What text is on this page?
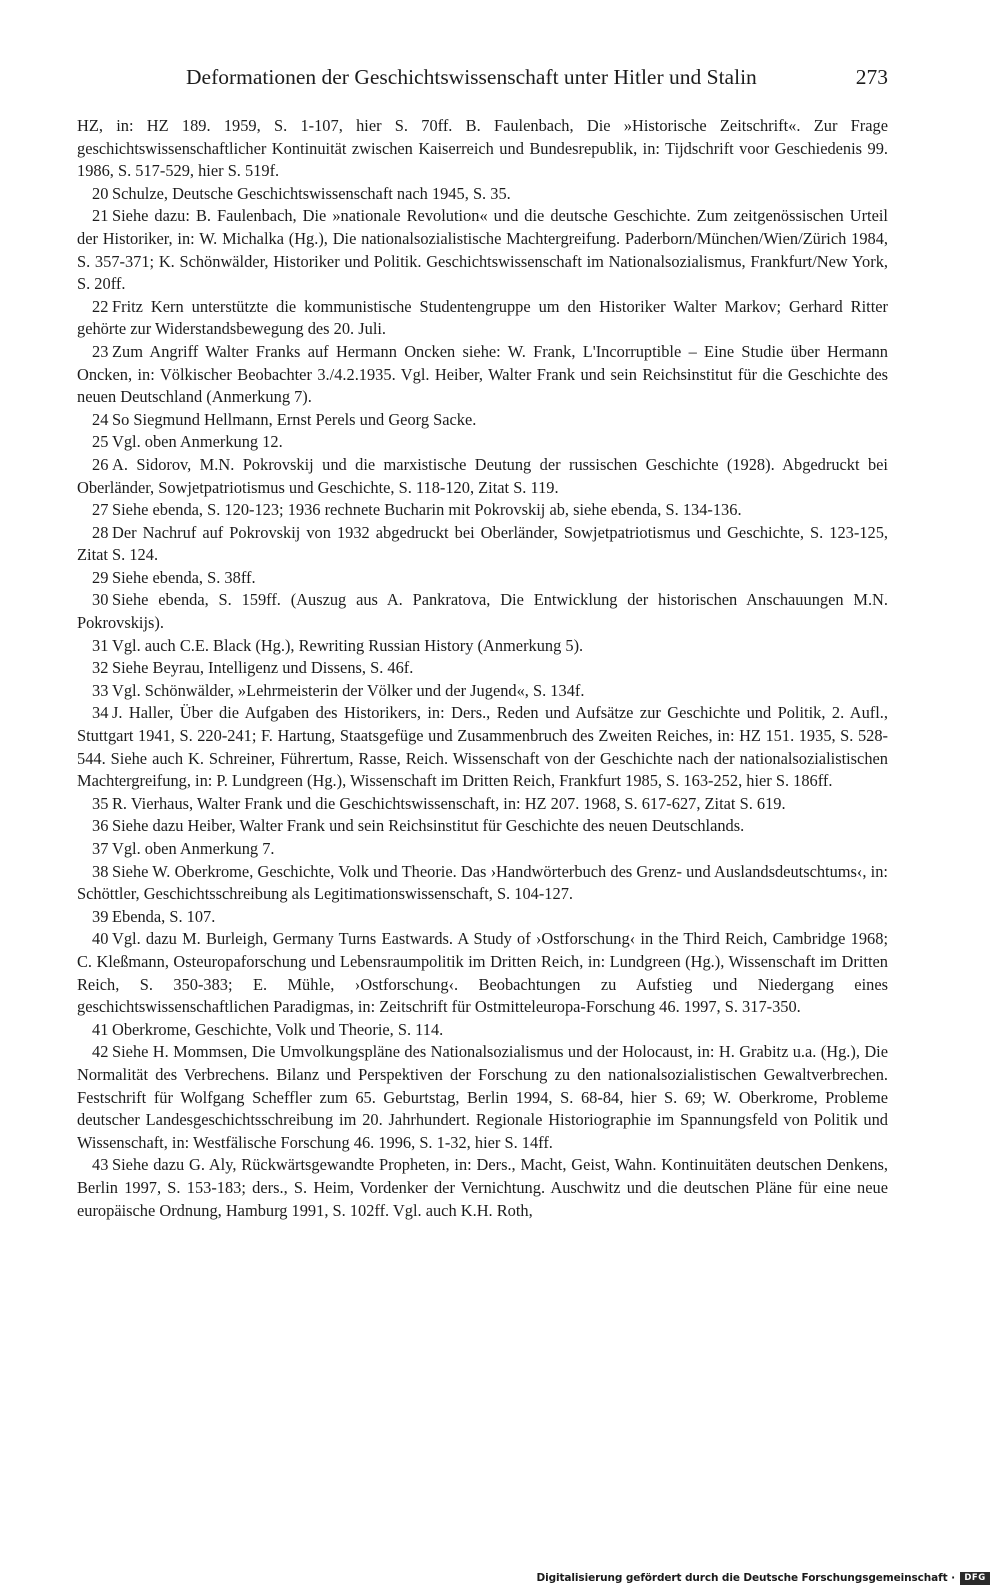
Deformationen der Geschichtswissenschaft unter Hitler und Stalin	273

HZ, in: HZ 189. 1959, S. 1-107, hier S. 70ff. B. Faulenbach, Die »Historische Zeitschrift«. Zur Frage geschichtswissenschaftlicher Kontinuität zwischen Kaiserreich und Bundesrepublik, in: Tijdschrift voor Geschiedenis 99. 1986, S. 517-529, hier S. 519f.

20 Schulze, Deutsche Geschichtswissenschaft nach 1945, S. 35.

21 Siehe dazu: B. Faulenbach, Die »nationale Revolution« und die deutsche Geschichte. Zum zeitgenössischen Urteil der Historiker, in: W. Michalka (Hg.), Die nationalsozialistische Machtergreifung. Paderborn/München/Wien/Zürich 1984, S. 357-371; K. Schönwälder, Historiker und Politik. Geschichtswissenschaft im Nationalsozialismus, Frankfurt/New York, S. 20ff.

22 Fritz Kern unterstützte die kommunistische Studentengruppe um den Historiker Walter Markov; Gerhard Ritter gehörte zur Widerstandsbewegung des 20. Juli.

23 Zum Angriff Walter Franks auf Hermann Oncken siehe: W. Frank, L'Incorruptible – Eine Studie über Hermann Oncken, in: Völkischer Beobachter 3./4.2.1935. Vgl. Heiber, Walter Frank und sein Reichsinstitut für die Geschichte des neuen Deutschland (Anmerkung 7).

24 So Siegmund Hellmann, Ernst Perels und Georg Sacke.

25 Vgl. oben Anmerkung 12.

26 A. Sidorov, M.N. Pokrovskij und die marxistische Deutung der russischen Geschichte (1928). Abgedruckt bei Oberländer, Sowjetpatriotismus und Geschichte, S. 118-120, Zitat S. 119.

27 Siehe ebenda, S. 120-123; 1936 rechnete Bucharin mit Pokrovskij ab, siehe ebenda, S. 134-136.

28 Der Nachruf auf Pokrovskij von 1932 abgedruckt bei Oberländer, Sowjetpatriotismus und Geschichte, S. 123-125, Zitat S. 124.

29 Siehe ebenda, S. 38ff.

30 Siehe ebenda, S. 159ff. (Auszug aus A. Pankratova, Die Entwicklung der historischen Anschauungen M.N. Pokrovskijs).

31 Vgl. auch C.E. Black (Hg.), Rewriting Russian History (Anmerkung 5).

32 Siehe Beyrau, Intelligenz und Dissens, S. 46f.

33 Vgl. Schönwälder, »Lehrmeisterin der Völker und der Jugend«, S. 134f.

34 J. Haller, Über die Aufgaben des Historikers, in: Ders., Reden und Aufsätze zur Geschichte und Politik, 2. Aufl., Stuttgart 1941, S. 220-241; F. Hartung, Staatsgefüge und Zusammenbruch des Zweiten Reiches, in: HZ 151. 1935, S. 528-544. Siehe auch K. Schreiner, Führertum, Rasse, Reich. Wissenschaft von der Geschichte nach der nationalsozialistischen Machtergreifung, in: P. Lundgreen (Hg.), Wissenschaft im Dritten Reich, Frankfurt 1985, S. 163-252, hier S. 186ff.

35 R. Vierhaus, Walter Frank und die Geschichtswissenschaft, in: HZ 207. 1968, S. 617-627, Zitat S. 619.

36 Siehe dazu Heiber, Walter Frank und sein Reichsinstitut für Geschichte des neuen Deutschlands.

37 Vgl. oben Anmerkung 7.

38 Siehe W. Oberkrome, Geschichte, Volk und Theorie. Das ›Handwörterbuch des Grenz- und Auslandsdeutschtums‹, in: Schöttler, Geschichtsschreibung als Legitimationswissenschaft, S. 104-127.

39 Ebenda, S. 107.

40 Vgl. dazu M. Burleigh, Germany Turns Eastwards. A Study of ›Ostforschung‹ in the Third Reich, Cambridge 1968; C. Kleßmann, Osteuropaforschung und Lebensraumpolitik im Dritten Reich, in: Lundgreen (Hg.), Wissenschaft im Dritten Reich, S. 350-383; E. Mühle, ›Ostforschung‹. Beobachtungen zu Aufstieg und Niedergang eines geschichtswissenschaftlichen Paradigmas, in: Zeitschrift für Ostmitteleuropa-Forschung 46. 1997, S. 317-350.

41 Oberkrome, Geschichte, Volk und Theorie, S. 114.

42 Siehe H. Mommsen, Die Umvolkungspläne des Nationalsozialismus und der Holocaust, in: H. Grabitz u.a. (Hg.), Die Normalität des Verbrechens. Bilanz und Perspektiven der Forschung zu den nationalsozialistischen Gewaltverbrechen. Festschrift für Wolfgang Scheffler zum 65. Geburtstag, Berlin 1994, S. 68-84, hier S. 69; W. Oberkrome, Probleme deutscher Landesgeschichtsschreibung im 20. Jahrhundert. Regionale Historiographie im Spannungsfeld von Politik und Wissenschaft, in: Westfälische Forschung 46. 1996, S. 1-32, hier S. 14ff.

43 Siehe dazu G. Aly, Rückwärtsgewandte Propheten, in: Ders., Macht, Geist, Wahn. Kontinuitäten deutschen Denkens, Berlin 1997, S. 153-183; ders., S. Heim, Vordenker der Vernichtung. Auschwitz und die deutschen Pläne für eine neue europäische Ordnung, Hamburg 1991, S. 102ff. Vgl. auch K.H. Roth,

Digitalisierung gefördert durch die Deutsche Forschungsgemeinschaft ·	DFG
